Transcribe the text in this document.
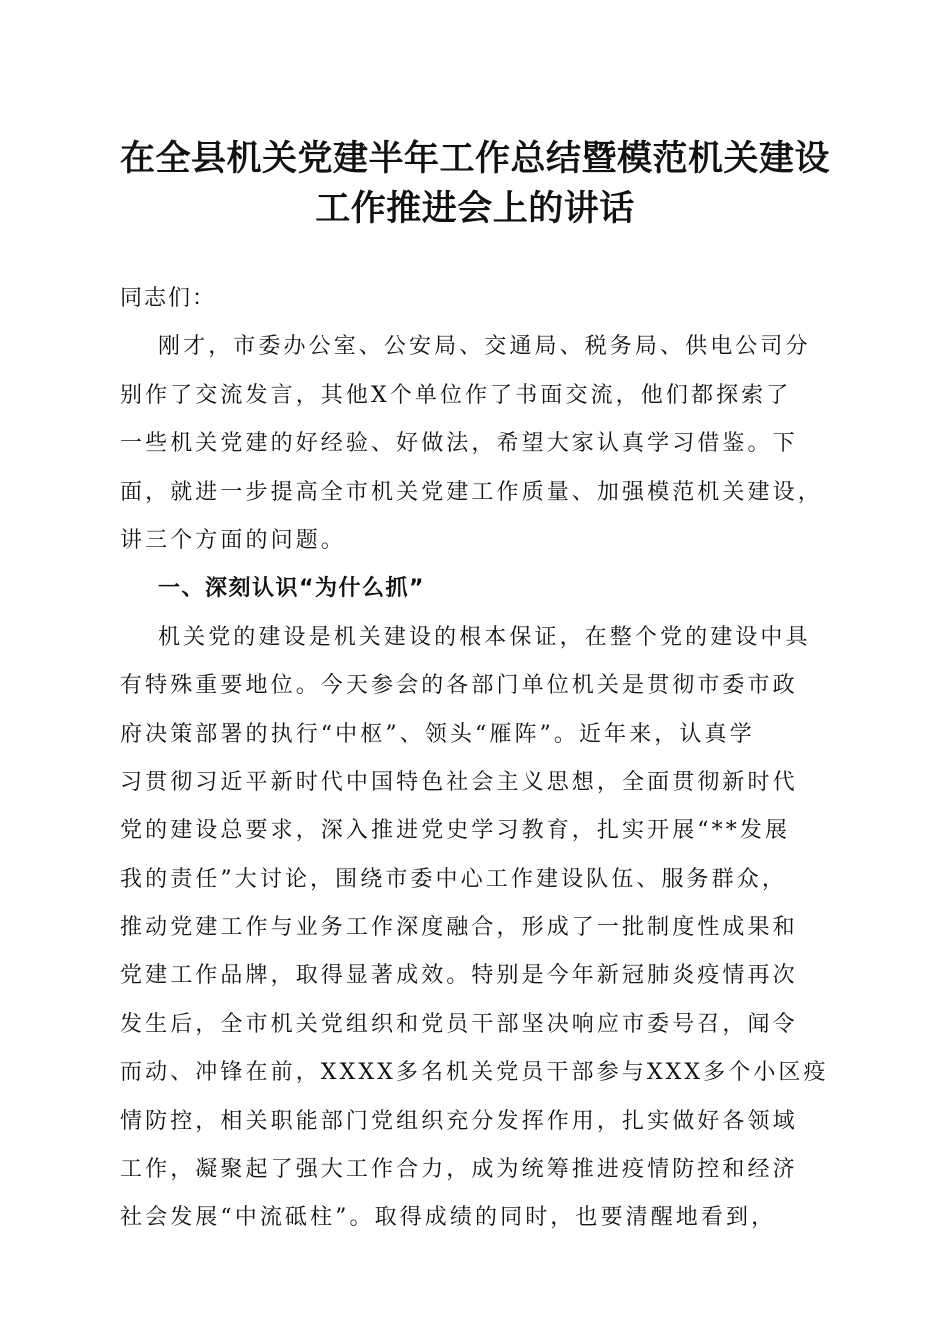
在全县机关党建半年工作总结暨模范机关建设
工作推进会上的讲话
同志们：
刚才，市委办公室、公安局、交通局、税务局、供电公司分
别作了交流发言，其他X个单位作了书面交流，他们都探索了
一些机关党建的好经验、好做法，希望大家认真学习借鉴。下
面，就进一步提高全市机关党建工作质量、加强模范机关建设，
讲三个方面的问题。
一、深刻认识“为什么抓”
机关党的建设是机关建设的根本保证，在整个党的建设中具
有特殊重要地位。今天参会的各部门单位机关是贯彻市委市政
府决策部署的执行“中枢”、领头“雁阵”。近年来，认真学
习贯彻习近平新时代中国特色社会主义思想，全面贯彻新时代
党的建设总要求，深入推进党史学习教育，扎实开展“**发展
我的责任”大讨论，围绕市委中心工作建设队伍、服务群众，
推动党建工作与业务工作深度融合，形成了一批制度性成果和
党建工作品牌，取得显著成效。特别是今年新冠肺炎疫情再次
发生后，全市机关党组织和党员干部坚决响应市委号召，闻令
而动、冲锋在前，XXXX多名机关党员干部参与XXX多个小区疫
情防控，相关职能部门党组织充分发挥作用，扎实做好各领域
工作，凝聚起了强大工作合力，成为统筹推进疫情防控和经济
社会发展“中流砥柱”。取得成绩的同时，也要清醒地看到，
